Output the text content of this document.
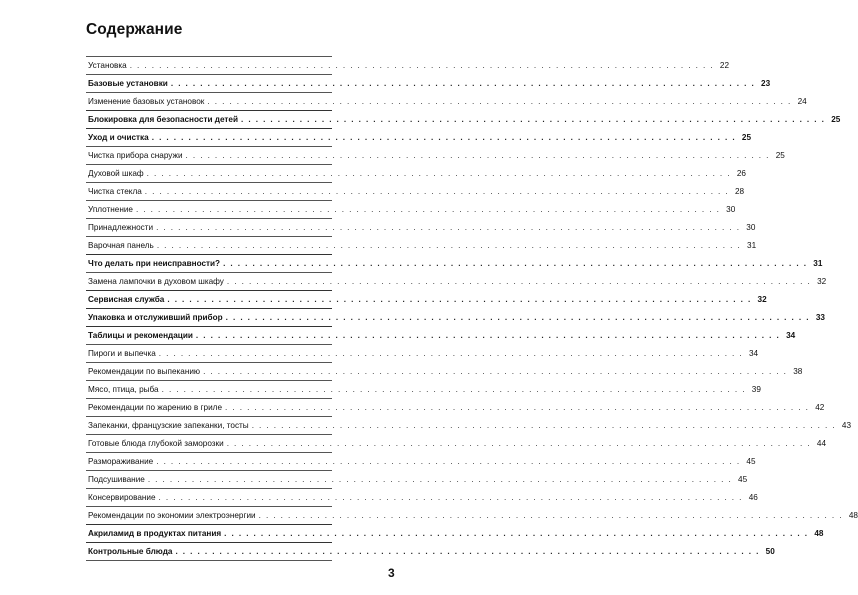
Содержание
Установка . . . . . . . . . . . . . . . . . . . . . . . . . . . . . . . . . . . . . . . . . . . . . . . . . . . . . . . . . . . . . . . . . . . . . . . . . . . . . . . . 22
Базовые установки . . . . . . . . . . . . . . . . . . . . . . . . . . . . . . . . . . . . . . . . . . . . . . . . . . . . . . . . . . . . . . . . . . . . . . . . . . . . . . . . 23
Изменение базовых установок . . . . . . . . . . . . . . . . . . . . . . . . . . . . . . . . . . . . . . . . . . . . . . . . . . . . . . . . . . . . . . . . . . . . . . . . . . . . . . . . 24
Блокировка для безопасности детей . . . . . . . . . . . . . . . . . . . . . . . . . . . . . . . . . . . . . . . . . . . . . . . . . . . . . . . . . . . . . . . . . . . . . . . . . . . . . . . . 25
Уход и очистка . . . . . . . . . . . . . . . . . . . . . . . . . . . . . . . . . . . . . . . . . . . . . . . . . . . . . . . . . . . . . . . . . . . . . . . . . . . . . . . . 25
Чистка прибора снаружи . . . . . . . . . . . . . . . . . . . . . . . . . . . . . . . . . . . . . . . . . . . . . . . . . . . . . . . . . . . . . . . . . . . . . . . . . . . . . . . . 25
Духовой шкаф . . . . . . . . . . . . . . . . . . . . . . . . . . . . . . . . . . . . . . . . . . . . . . . . . . . . . . . . . . . . . . . . . . . . . . . . . . . . . . . . 26
Чистка стекла . . . . . . . . . . . . . . . . . . . . . . . . . . . . . . . . . . . . . . . . . . . . . . . . . . . . . . . . . . . . . . . . . . . . . . . . . . . . . . . . 28
Уплотнение . . . . . . . . . . . . . . . . . . . . . . . . . . . . . . . . . . . . . . . . . . . . . . . . . . . . . . . . . . . . . . . . . . . . . . . . . . . . . . . . 30
Принадлежности . . . . . . . . . . . . . . . . . . . . . . . . . . . . . . . . . . . . . . . . . . . . . . . . . . . . . . . . . . . . . . . . . . . . . . . . . . . . . . . . 30
Варочная панель . . . . . . . . . . . . . . . . . . . . . . . . . . . . . . . . . . . . . . . . . . . . . . . . . . . . . . . . . . . . . . . . . . . . . . . . . . . . . . . . 31
Что делать при неисправности? . . . . . . . . . . . . . . . . . . . . . . . . . . . . . . . . . . . . . . . . . . . . . . . . . . . . . . . . . . . . . . . . . . . . . . . . . . . . . . . . 31
Замена лампочки в духовом шкафу . . . . . . . . . . . . . . . . . . . . . . . . . . . . . . . . . . . . . . . . . . . . . . . . . . . . . . . . . . . . . . . . . . . . . . . . . . . . . . . . 32
Сервисная служба . . . . . . . . . . . . . . . . . . . . . . . . . . . . . . . . . . . . . . . . . . . . . . . . . . . . . . . . . . . . . . . . . . . . . . . . . . . . . . . . 32
Упаковка и отслуживший прибор . . . . . . . . . . . . . . . . . . . . . . . . . . . . . . . . . . . . . . . . . . . . . . . . . . . . . . . . . . . . . . . . . . . . . . . . . . . . . . . . 33
Таблицы и рекомендации . . . . . . . . . . . . . . . . . . . . . . . . . . . . . . . . . . . . . . . . . . . . . . . . . . . . . . . . . . . . . . . . . . . . . . . . . . . . . . . . 34
Пироги и выпечка . . . . . . . . . . . . . . . . . . . . . . . . . . . . . . . . . . . . . . . . . . . . . . . . . . . . . . . . . . . . . . . . . . . . . . . . . . . . . . . . 34
Рекомендации по выпеканию . . . . . . . . . . . . . . . . . . . . . . . . . . . . . . . . . . . . . . . . . . . . . . . . . . . . . . . . . . . . . . . . . . . . . . . . . . . . . . . . 38
Мясо, птица, рыба . . . . . . . . . . . . . . . . . . . . . . . . . . . . . . . . . . . . . . . . . . . . . . . . . . . . . . . . . . . . . . . . . . . . . . . . . . . . . . . . 39
Рекомендации по жарению в гриле . . . . . . . . . . . . . . . . . . . . . . . . . . . . . . . . . . . . . . . . . . . . . . . . . . . . . . . . . . . . . . . . . . . . . . . . . . . . . . . . 42
Запеканки, французские запеканки, тосты . . . . . . . . . . . . . . . . . . . . . . . . . . . . . . . . . . . . . . . . . . . . . . . . . . . . . . . . . . . . . . . . . . . . . . . . . . . . . . . . 43
Готовые блюда глубокой заморозки . . . . . . . . . . . . . . . . . . . . . . . . . . . . . . . . . . . . . . . . . . . . . . . . . . . . . . . . . . . . . . . . . . . . . . . . . . . . . . . . 44
Размораживание . . . . . . . . . . . . . . . . . . . . . . . . . . . . . . . . . . . . . . . . . . . . . . . . . . . . . . . . . . . . . . . . . . . . . . . . . . . . . . . . 45
Подсушивание . . . . . . . . . . . . . . . . . . . . . . . . . . . . . . . . . . . . . . . . . . . . . . . . . . . . . . . . . . . . . . . . . . . . . . . . . . . . . . . . 45
Консервирование . . . . . . . . . . . . . . . . . . . . . . . . . . . . . . . . . . . . . . . . . . . . . . . . . . . . . . . . . . . . . . . . . . . . . . . . . . . . . . . . 46
Рекомендации по экономии электроэнергии . . . . . . . . . . . . . . . . . . . . . . . . . . . . . . . . . . . . . . . . . . . . . . . . . . . . . . . . . . . . . . . . . . . . . . . . . . . . . . . . 48
Акриламид в продуктах питания . . . . . . . . . . . . . . . . . . . . . . . . . . . . . . . . . . . . . . . . . . . . . . . . . . . . . . . . . . . . . . . . . . . . . . . . . . . . . . . . 48
Контрольные блюда . . . . . . . . . . . . . . . . . . . . . . . . . . . . . . . . . . . . . . . . . . . . . . . . . . . . . . . . . . . . . . . . . . . . . . . . . . . . . . . . 50
3
